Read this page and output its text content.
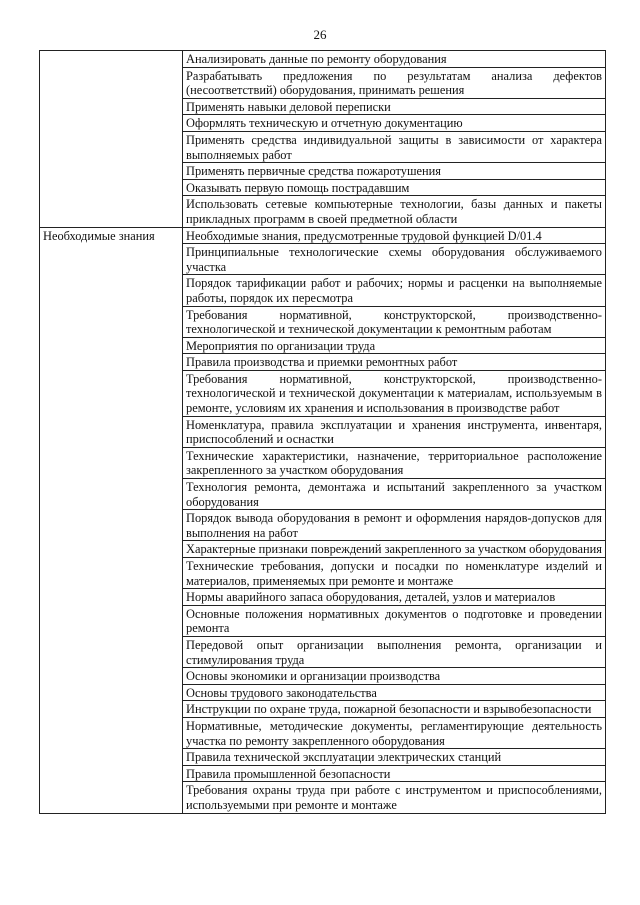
26
	Анализировать данные по ремонту оборудования
	Разрабатывать предложения по результатам анализа дефектов (несоответствий) оборудования, принимать решения
	Применять навыки деловой переписки
	Оформлять техническую и отчетную документацию
	Применять средства индивидуальной защиты в зависимости от характера выполняемых работ
	Применять первичные средства пожаротушения
	Оказывать первую помощь пострадавшим
	Использовать сетевые компьютерные технологии, базы данных и пакеты прикладных программ в своей предметной области
Необходимые знания	Необходимые знания, предусмотренные трудовой функцией D/01.4
	Принципиальные технологические схемы оборудования обслуживаемого участка
	Порядок тарификации работ и рабочих; нормы и расценки на выполняемые работы, порядок их пересмотра
	Требования нормативной, конструкторской, производственно-технологической и технической документации к ремонтным работам
	Мероприятия по организации труда
	Правила производства и приемки ремонтных работ
	Требования нормативной, конструкторской, производственно-технологической и технической документации к материалам, используемым в ремонте, условиям их хранения и использования в производстве работ
	Номенклатура, правила эксплуатации и хранения инструмента, инвентаря, приспособлений и оснастки
	Технические характеристики, назначение, территориальное расположение закрепленного за участком оборудования
	Технология ремонта, демонтажа и испытаний закрепленного за участком оборудования
	Порядок вывода оборудования в ремонт и оформления нарядов-допусков для выполнения на работ
	Характерные признаки повреждений закрепленного за участком оборудования
	Технические требования, допуски и посадки по номенклатуре изделий и материалов, применяемых при ремонте и монтаже
	Нормы аварийного запаса оборудования, деталей, узлов и материалов
	Основные положения нормативных документов о подготовке и проведении ремонта
	Передовой опыт организации выполнения ремонта, организации и стимулирования труда
	Основы экономики и организации производства
	Основы трудового законодательства
	Инструкции по охране труда, пожарной безопасности и взрывобезопасности
	Нормативные, методические документы, регламентирующие деятельность участка по ремонту закрепленного оборудования
	Правила технической эксплуатации электрических станций
	Правила промышленной безопасности
	Требования охраны труда при работе с инструментом и приспособлениями, используемыми при ремонте и монтаже
